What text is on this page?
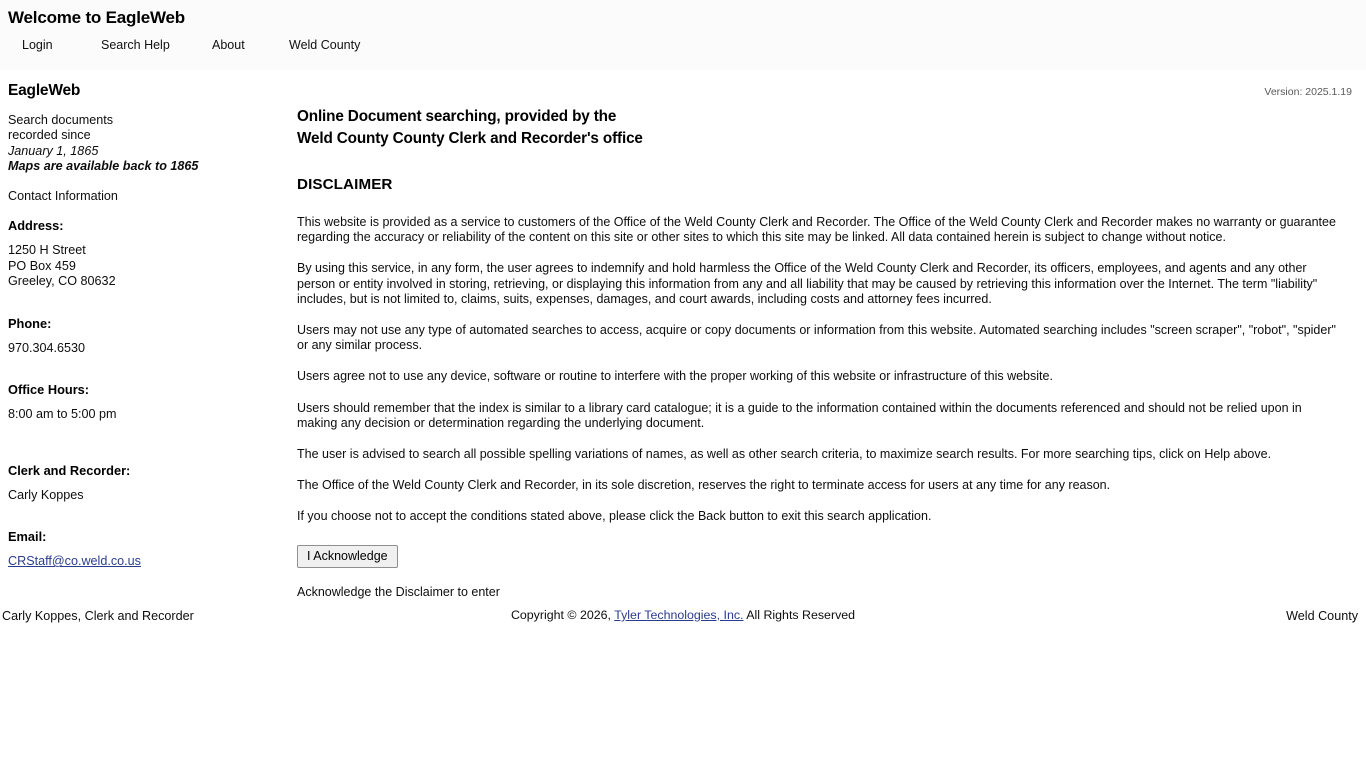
Welcome to EagleWeb
Login	Search Help	About	Weld County
Version: 2025.1.19
EagleWeb
Search documents
recorded since
January 1, 1865
Maps are available back to 1865
Contact Information
Address:
1250 H Street
PO Box 459
Greeley, CO 80632
Phone:
970.304.6530
Office Hours:
8:00 am to 5:00 pm
Clerk and Recorder:
Carly Koppes
Email:
CRStaff@co.weld.co.us
Online Document searching, provided by the
Weld County County Clerk and Recorder's office
DISCLAIMER

This website is provided as a service to customers of the Office of the Weld County Clerk and Recorder. The Office of the Weld County Clerk and Recorder makes no warranty or guarantee regarding the accuracy or reliability of the content on this site or other sites to which this site may be linked. All data contained herein is subject to change without notice.

By using this service, in any form, the user agrees to indemnify and hold harmless the Office of the Weld County Clerk and Recorder, its officers, employees, and agents and any other person or entity involved in storing, retrieving, or displaying this information from any and all liability that may be caused by retrieving this information over the Internet. The term "liability" includes, but is not limited to, claims, suits, expenses, damages, and court awards, including costs and attorney fees incurred.

Users may not use any type of automated searches to access, acquire or copy documents or information from this website. Automated searching includes "screen scraper", "robot", "spider" or any similar process.

Users agree not to use any device, software or routine to interfere with the proper working of this website or infrastructure of this website.

Users should remember that the index is similar to a library card catalogue; it is a guide to the information contained within the documents referenced and should not be relied upon in making any decision or determination regarding the underlying document.

The user is advised to search all possible spelling variations of names, as well as other search criteria, to maximize search results. For more searching tips, click on Help above.

The Office of the Weld County Clerk and Recorder, in its sole discretion, reserves the right to terminate access for users at any time for any reason.

If you choose not to accept the conditions stated above, please click the Back button to exit this search application.

I Acknowledge
Acknowledge the Disclaimer to enter
Carly Koppes, Clerk and Recorder	Copyright © 2026, Tyler Technologies, Inc. All Rights Reserved	Weld County
